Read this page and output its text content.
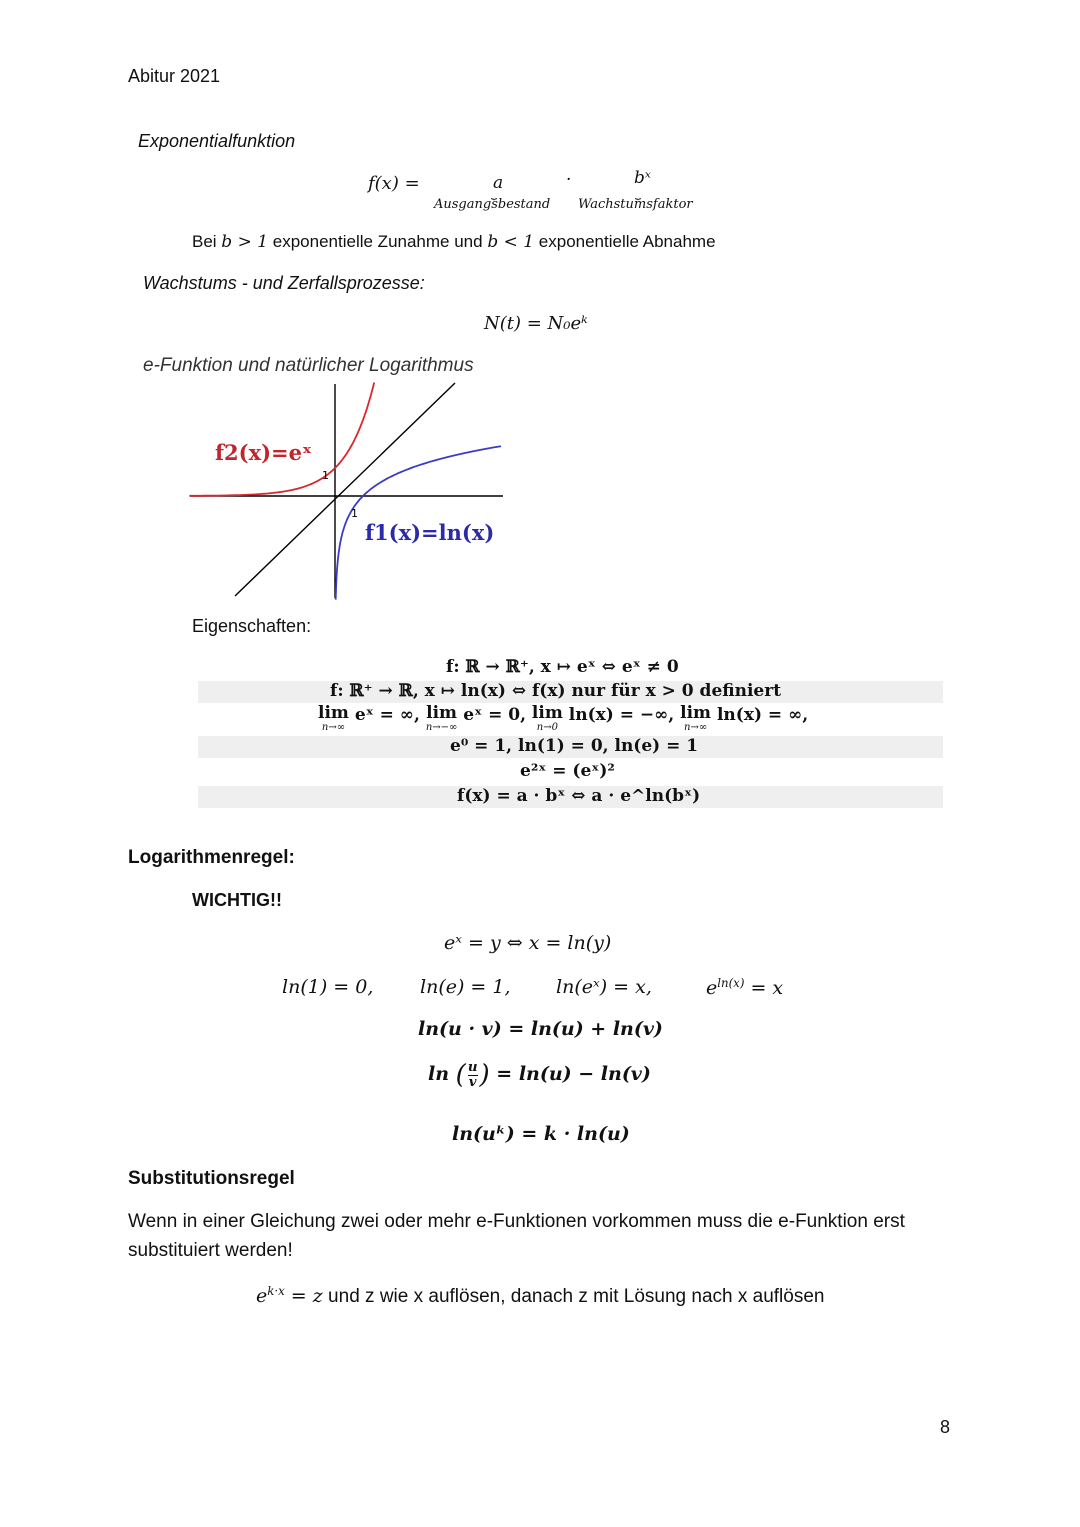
Abitur 2021
Exponentialfunktion
f(x) =	a	·	bˣ
⏟	⏟
Ausgangsbestand Wachstumsfaktor
Bei b > 1 exponentielle Zunahme und b < 1 exponentielle Abnahme
Wachstums - und Zerfallsprozesse:
N(t) = N₀eᵏ
e-Funktion und natürlicher Logarithmus
1
1
f2(x)=eˣ
f1(x)=ln(x)
Eigenschaften:
f: ℝ → ℝ⁺, x ↦ eˣ ⇔ eˣ ≠ 0
f: ℝ⁺ → ℝ, x ↦ ln(x) ⇔ f(x) nur für x > 0 definiert
lim
n→∞
eˣ = ∞, lim
n→−∞
eˣ = 0, lim
n→0
ln(x) = −∞, lim
n→∞
ln(x) = ∞,
e⁰ = 1, ln(1) = 0, ln(e) = 1
e²ˣ = (eˣ)²
f(x) = a · bˣ ⇔ a · e^ln(bˣ)
Logarithmenregel:
WICHTIG!!
eˣ = y ⇔ x = ln(y)
ln(1) = 0, ln(e) = 1, ln(eˣ) = x,	$e^{ln(x)} = x$
ln(u · v) = ln(u) + ln(v)
ln ( $\frac{u}{v}$ ) = ln(u) − ln(v)
ln(uᵏ) = k · ln(u)
Substitutionsregel
Wenn in einer Gleichung zwei oder mehr e-Funktionen vorkommen muss die e-Funktion erst
substituiert werden!
$e^{k\cdot x} = z$ und z wie x auflösen, danach z mit Lösung nach x auflösen
8
